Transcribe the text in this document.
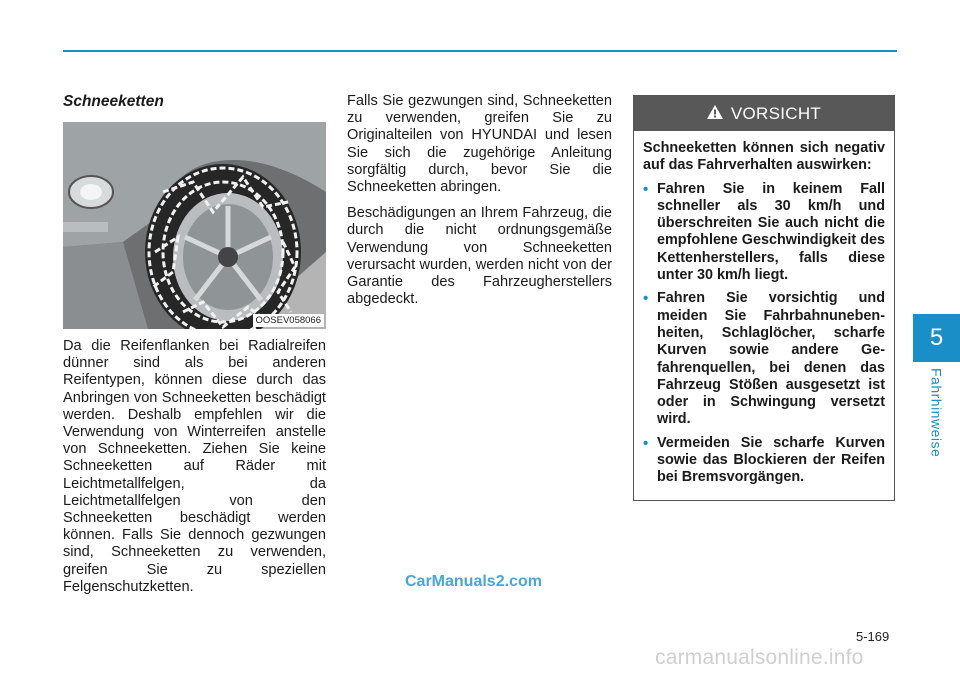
5
Fahrhinweise
Schneeketten
OOSEV058066

Da die Reifenflanken bei Radialreifen dünner sind als bei anderen Reifentypen, können diese durch das Anbringen von Schneeketten beschädigt werden. Deshalb empfehlen wir die Verwendung von Winterreifen anstelle von Schneeketten. Ziehen Sie keine Schneeketten auf Räder mit Leichtmetallfelgen, da Leichtmetallfelgen von den Schneeketten beschädigt werden können. Falls Sie dennoch gezwungen sind, Schneeketten zu verwenden, greifen Sie zu speziellen Felgenschutzketten.

Falls Sie gezwungen sind, Schneeketten zu verwenden, greifen Sie zu Originalteilen von HYUNDAI und lesen Sie sich die zugehörige Anleitung sorgfältig durch, bevor Sie die Schneeketten abringen.

Beschädigungen an Ihrem Fahrzeug, die durch die nicht ordnungsgemäße Verwendung von Schneeketten verursacht wurden, werden nicht von der Garantie des Fahrzeugherstellers abgedeckt.

VORSICHT

Schneeketten können sich negativ auf das Fahrverhalten auswirken:

• Fahren Sie in keinem Fall schneller als 30 km/h und überschreiten Sie auch nicht die empfohlene Geschwindigkeit des Kettenherstellers, falls diese unter 30 km/h liegt.
• Fahren Sie vorsichtig und meiden Sie Fahrbahnunebenheiten, Schlaglöcher, scharfe Kurven sowie andere Gefahrenquellen, bei denen das Fahrzeug Stößen ausgesetzt ist oder in Schwingung versetzt wird.
• Vermeiden Sie scharfe Kurven sowie das Blockieren der Reifen bei Bremsvorgängen.
CarManuals2.com
5-169
carmanualsonline.info
